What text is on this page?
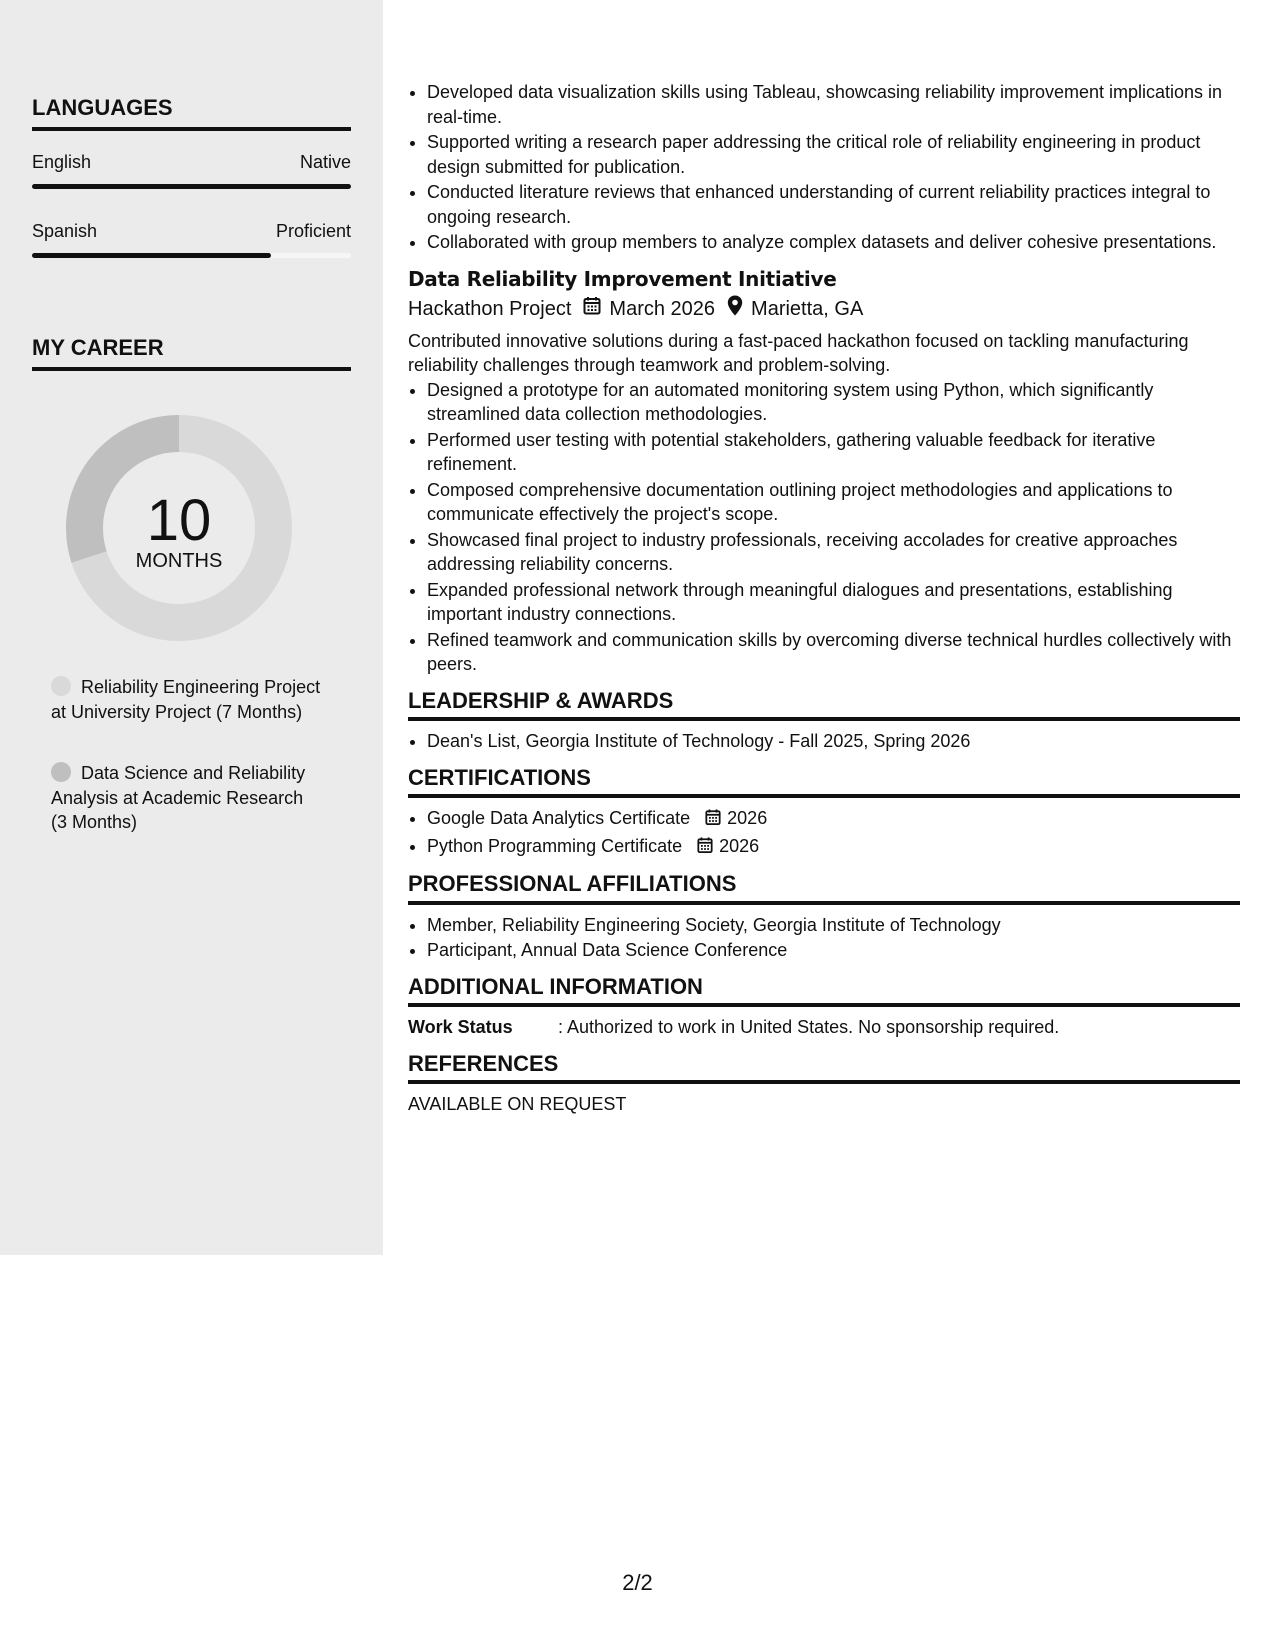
LANGUAGES
English	Native
Spanish	Proficient
MY CAREER
10
MONTHS
Reliability Engineering Project at University Project (7 Months)
Data Science and Reliability Analysis at Academic Research (3 Months)
• Developed data visualization skills using Tableau, showcasing reliability improvement implications in real-time.
• Supported writing a research paper addressing the critical role of reliability engineering in product design submitted for publication.
• Conducted literature reviews that enhanced understanding of current reliability practices integral to ongoing research.
• Collaborated with group members to analyze complex datasets and deliver cohesive presentations.
Data Reliability Improvement Initiative
Hackathon Project March 2026 Marietta, GA
Contributed innovative solutions during a fast-paced hackathon focused on tackling manufacturing reliability challenges through teamwork and problem-solving.
• Designed a prototype for an automated monitoring system using Python, which significantly streamlined data collection methodologies.
• Performed user testing with potential stakeholders, gathering valuable feedback for iterative refinement.
• Composed comprehensive documentation outlining project methodologies and applications to communicate effectively the project's scope.
• Showcased final project to industry professionals, receiving accolades for creative approaches addressing reliability concerns.
• Expanded professional network through meaningful dialogues and presentations, establishing important industry connections.
• Refined teamwork and communication skills by overcoming diverse technical hurdles collectively with peers.
LEADERSHIP & AWARDS
• Dean's List, Georgia Institute of Technology - Fall 2025, Spring 2026
CERTIFICATIONS
• Google Data Analytics Certificate 2026
• Python Programming Certificate 2026
PROFESSIONAL AFFILIATIONS
• Member, Reliability Engineering Society, Georgia Institute of Technology
• Participant, Annual Data Science Conference
ADDITIONAL INFORMATION
Work Status	: Authorized to work in United States. No sponsorship required.
REFERENCES
AVAILABLE ON REQUEST
2/2
